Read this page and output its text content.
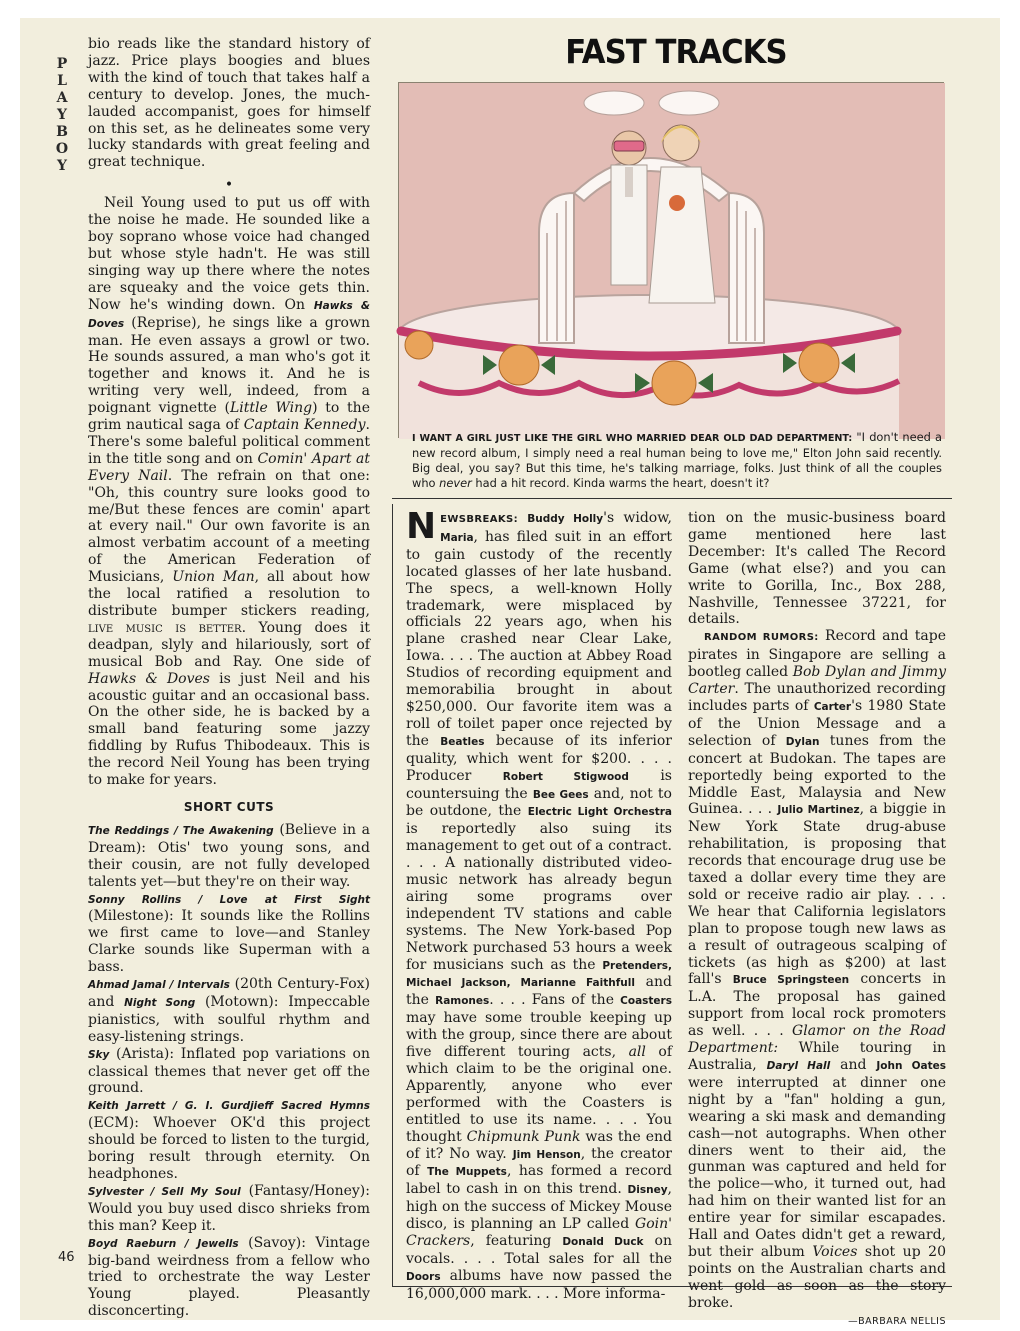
P
L
A
Y
B
O
Y
46

bio reads like the standard history of jazz. Price plays boogies and blues with the kind of touch that takes half a century to develop. Jones, the much-lauded accompanist, goes for himself on this set, as he delineates some very lucky standards with great feeling and great technique.

•

Neil Young used to put us off with the noise he made. He sounded like a boy soprano whose voice had changed but whose style hadn't. He was still singing way up there where the notes are squeaky and the voice gets thin. Now he's winding down. On Hawks & Doves (Reprise), he sings like a grown man. He even assays a growl or two. He sounds assured, a man who's got it together and knows it. And he is writing very well, indeed, from a poignant vignette (Little Wing) to the grim nautical saga of Captain Kennedy. There's some baleful political comment in the title song and on Comin' Apart at Every Nail. The refrain on that one: "Oh, this country sure looks good to me/But these fences are comin' apart at every nail." Our own favorite is an almost verbatim account of a meeting of the American Federation of Musicians, Union Man, all about how the local ratified a resolution to distribute bumper stickers reading, live music is better. Young does it deadpan, slyly and hilariously, sort of musical Bob and Ray. One side of Hawks & Doves is just Neil and his acoustic guitar and an occasional bass. On the other side, he is backed by a small band featuring some jazzy fiddling by Rufus Thibodeaux. This is the record Neil Young has been trying to make for years.

SHORT CUTS

The Reddings / The Awakening (Believe in a Dream): Otis' two young sons, and their cousin, are not fully developed talents yet—but they're on their way.

Sonny Rollins / Love at First Sight (Milestone): It sounds like the Rollins we first came to love—and Stanley Clarke sounds like Superman with a bass.

Ahmad Jamal / Intervals (20th Century-Fox) and Night Song (Motown): Impeccable pianistics, with soulful rhythm and easy-listening strings.

Sky (Arista): Inflated pop variations on classical themes that never get off the ground.

Keith Jarrett / G. I. Gurdjieff Sacred Hymns (ECM): Whoever OK'd this project should be forced to listen to the turgid, boring result through eternity. On headphones.

Sylvester / Sell My Soul (Fantasy/Honey): Would you buy used disco shrieks from this man? Keep it.

Boyd Raeburn / Jewells (Savoy): Vintage big-band weirdness from a fellow who tried to orchestrate the way Lester Young played. Pleasantly disconcerting.

FAST TRACKS
I WANT A GIRL JUST LIKE THE GIRL WHO MARRIED DEAR OLD DAD DEPARTMENT: "I don't need a new record album, I simply need a real human being to love me," Elton John said recently. Big deal, you say? But this time, he's talking marriage, folks. Just think of all the couples who never had a hit record. Kinda warms the heart, doesn't it?

NEWSBREAKS: Buddy Holly's widow, Maria, has filed suit in an effort to gain custody of the recently located glasses of her late husband. The specs, a well-known Holly trademark, were misplaced by officials 22 years ago, when his plane crashed near Clear Lake, Iowa. . . . The auction at Abbey Road Studios of recording equipment and memorabilia brought in about $250,000. Our favorite item was a roll of toilet paper once rejected by the Beatles because of its inferior quality, which went for $200. . . . Producer Robert Stigwood is countersuing the Bee Gees and, not to be outdone, the Electric Light Orchestra is reportedly also suing its management to get out of a contract. . . . A nationally distributed video-music network has already begun airing some programs over independent TV stations and cable systems. The New York-based Pop Network purchased 53 hours a week for musicians such as the Pretenders, Michael Jackson, Marianne Faithfull and the Ramones. . . . Fans of the Coasters may have some trouble keeping up with the group, since there are about five different touring acts, all of which claim to be the original one. Apparently, anyone who ever performed with the Coasters is entitled to use its name. . . . You thought Chipmunk Punk was the end of it? No way. Jim Henson, the creator of The Muppets, has formed a record label to cash in on this trend. Disney, high on the success of Mickey Mouse disco, is planning an LP called Goin' Crackers, featuring Donald Duck on vocals. . . . Total sales for all the Doors albums have now passed the 16,000,000 mark. . . . More informa-

tion on the music-business board game mentioned here last December: It's called The Record Game (what else?) and you can write to Gorilla, Inc., Box 288, Nashville, Tennessee 37221, for details.

RANDOM RUMORS: Record and tape pirates in Singapore are selling a bootleg called Bob Dylan and Jimmy Carter. The unauthorized recording includes parts of Carter's 1980 State of the Union Message and a selection of Dylan tunes from the concert at Budokan. The tapes are reportedly being exported to the Middle East, Malaysia and New Guinea. . . . Julio Martinez, a biggie in New York State drug-abuse rehabilitation, is proposing that records that encourage drug use be taxed a dollar every time they are sold or receive radio air play. . . . We hear that California legislators plan to propose tough new laws as a result of outrageous scalping of tickets (as high as $200) at last fall's Bruce Springsteen concerts in L.A. The proposal has gained support from local rock promoters as well. . . . Glamor on the Road Department: While touring in Australia, Daryl Hall and John Oates were interrupted at dinner one night by a "fan" holding a gun, wearing a ski mask and demanding cash—not autographs. When other diners went to their aid, the gunman was captured and held for the police—who, it turned out, had had him on their wanted list for an entire year for similar escapades. Hall and Oates didn't get a reward, but their album Voices shot up 20 points on the Australian charts and went gold as soon as the story broke.

—BARBARA NELLIS
